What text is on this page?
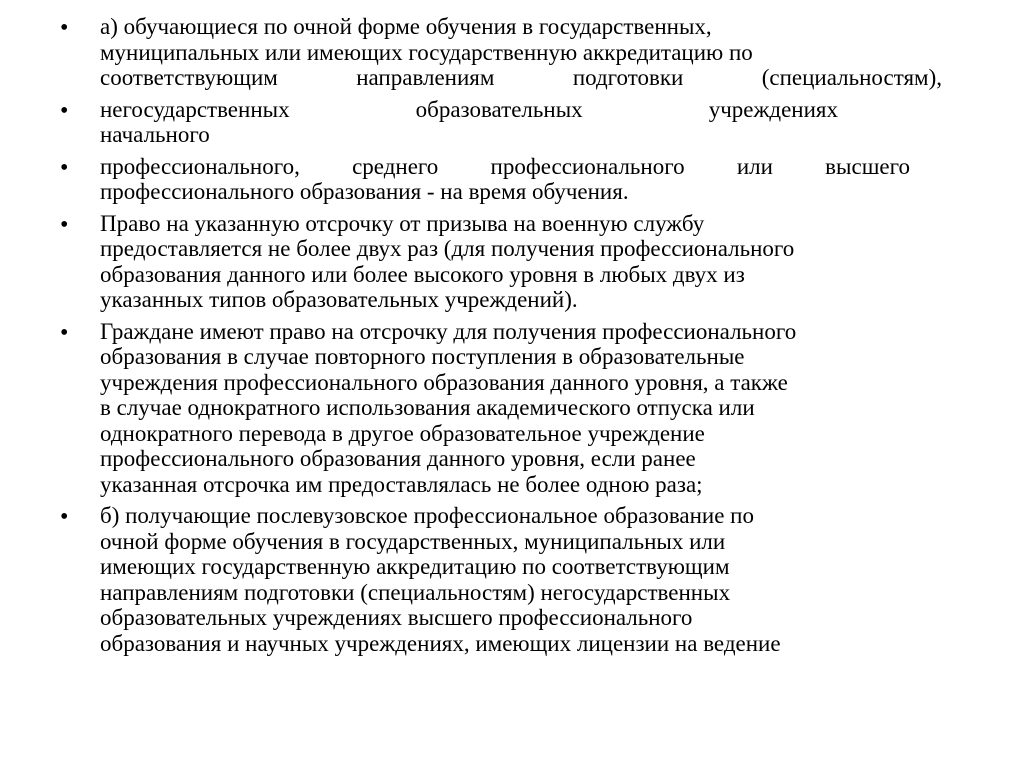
• а) обучающиеся по очной форме обучения в государственных,
муниципальных или имеющих государственную аккредитацию по
соответствующим направлениям подготовки (специальностям),
• негосударственных образовательных учреждениях
начального
• профессионального, среднего профессионального или высшего
профессионального образования - на время обучения.
• Право на указанную отсрочку от призыва на военную службу
предоставляется не более двух раз (для получения профессионального
образования данного или более высокого уровня в любых двух из
указанных типов образовательных учреждений).
• Граждане имеют право на отсрочку для получения профессионального
образования в случае повторного поступления в образовательные
учреждения профессионального образования данного уровня, а также
в случае однократного использования академического отпуска или
однократного перевода в другое образовательное учреждение
профессионального образования данного уровня, если ранее
указанная отсрочка им предоставлялась не более одною раза;
• б) получающие послевузовское профессиональное образование по
очной форме обучения в государственных, муниципальных или
имеющих государственную аккредитацию по соответствующим
направлениям подготовки (специальностям) негосударственных
образовательных учреждениях высшего профессионального
образования и научных учреждениях, имеющих лицензии на ведение
